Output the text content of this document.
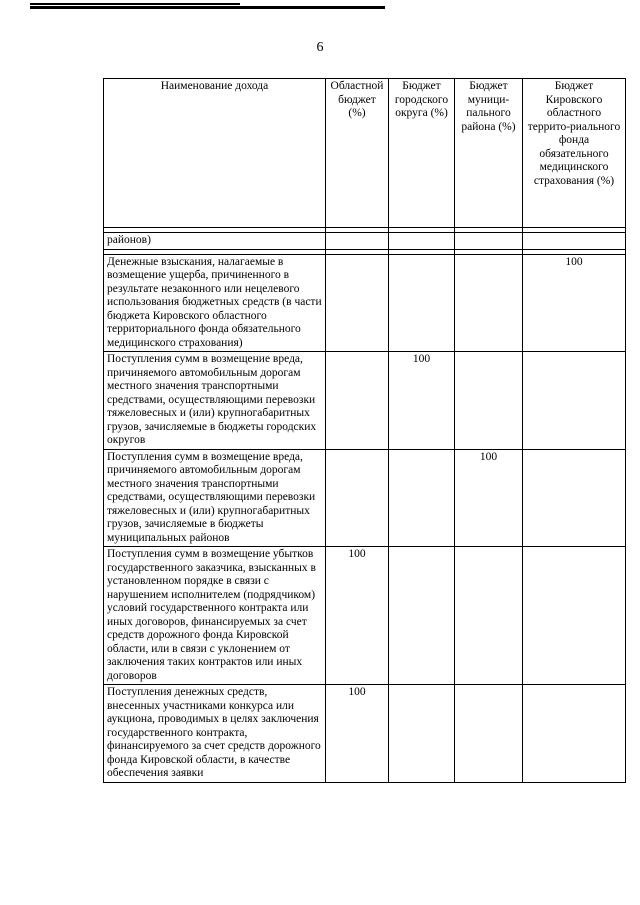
6
Наименование дохода	Областной бюджет (%)	Бюджет городского округа (%)	Бюджет муници-пального района (%)	Бюджет Кировского областного террито-риального фонда обязательного медицинского страхования (%)

районов)				

Денежные взыскания, налагаемые в возмещение ущерба, причиненного в результате незаконного или нецелевого использования бюджетных средств (в части бюджета Кировского областного территориального фонда обязательного медицинского страхования)				100
Поступления сумм в возмещение вреда, причиняемого автомобильным дорогам местного значения транспортными средствами, осуществляющими перевозки тяжеловесных и (или) крупногабаритных грузов, зачисляемые в бюджеты городских округов		100		
Поступления сумм в возмещение вреда, причиняемого автомобильным дорогам местного значения транспортными средствами, осуществляющими перевозки тяжеловесных и (или) крупногабаритных грузов, зачисляемые в бюджеты муниципальных районов			100	
Поступления сумм в возмещение убытков государственного заказчика, взысканных в установленном порядке в связи с нарушением исполнителем (подрядчиком) условий государственного контракта или иных договоров, финансируемых за счет средств дорожного фонда Кировской области, или в связи с уклонением от заключения таких контрактов или иных договоров	100			
Поступления денежных средств, внесенных участниками конкурса или аукциона, проводимых в целях заключения государственного контракта, финансируемого за счет средств дорожного фонда Кировской области, в качестве обеспечения заявки	100			
